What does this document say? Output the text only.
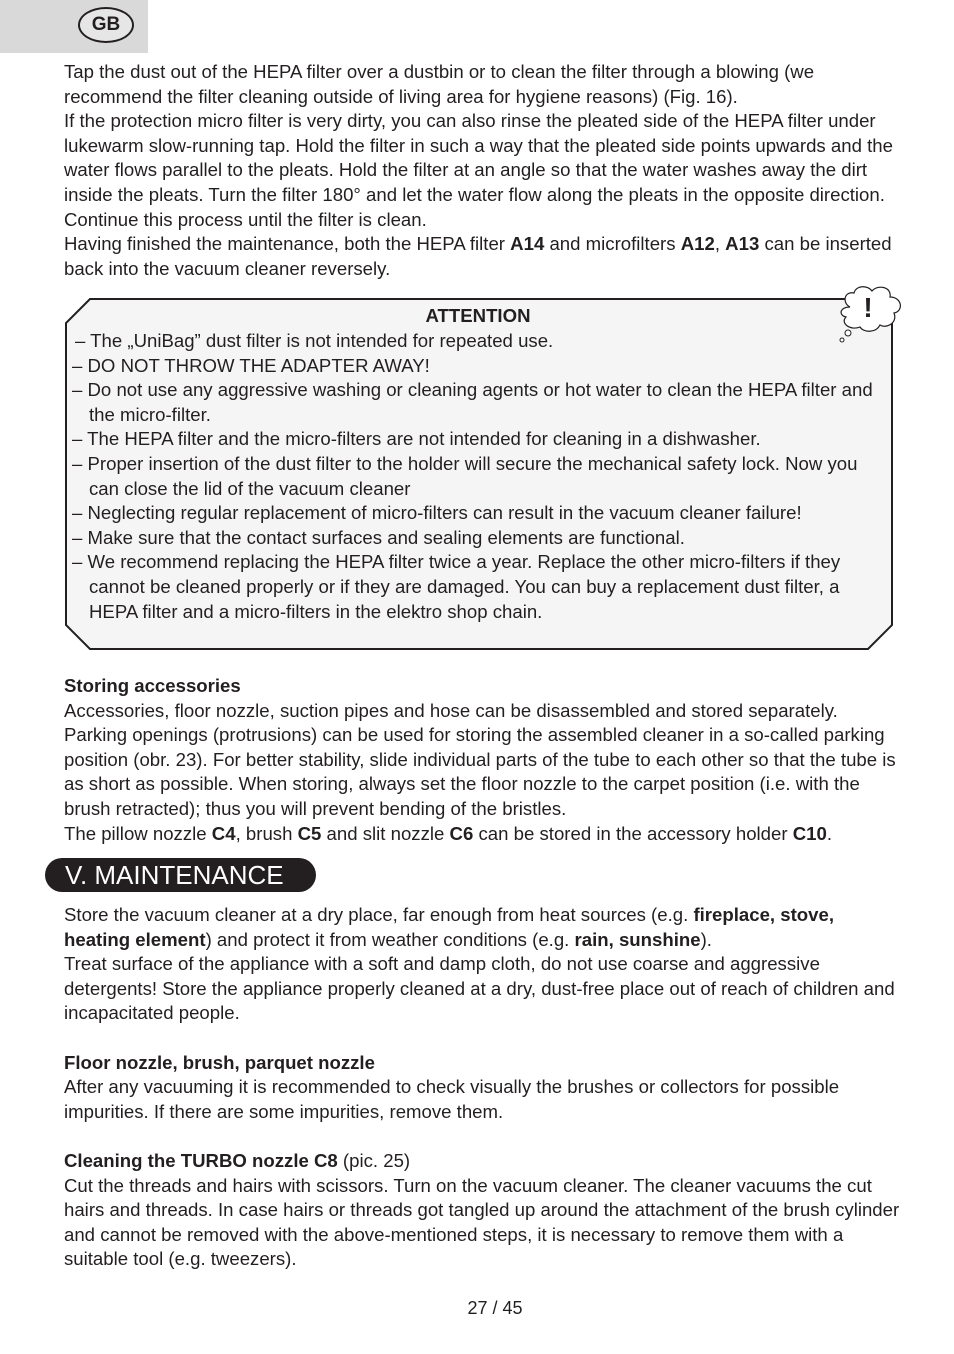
GB

Tap the dust out of the HEPA filter over a dustbin or to clean the filter through a blowing (we recommend the filter cleaning outside of living area for hygiene reasons) (Fig. 16).

If the protection micro filter is very dirty, you can also rinse the pleated side of the HEPA filter under lukewarm slow-running tap. Hold the filter in such a way that the pleated side points upwards and the water flows parallel to the pleats. Hold the filter at an angle so that the water washes away the dirt inside the pleats. Turn the filter 180° and let the water flow along the pleats in the opposite direction. Continue this process until the filter is clean.

Having finished the maintenance, both the HEPA filter A14 and microfilters A12, A13 can be inserted back into the vacuum cleaner reversely.

!
ATTENTION
– The „UniBag” dust filter is not intended for repeated use.
– DO NOT THROW THE ADAPTER AWAY!
– Do not use any aggressive washing or cleaning agents or hot water to clean the HEPA filter and the micro-filter.
– The HEPA filter and the micro-filters are not intended for cleaning in a dishwasher.
– Proper insertion of the dust filter to the holder will secure the mechanical safety lock. Now you can close the lid of the vacuum cleaner
– Neglecting regular replacement of micro-filters can result in the vacuum cleaner failure!
– Make sure that the contact surfaces and sealing elements are functional.
– We recommend replacing the HEPA filter twice a year. Replace the other micro-filters if they cannot be cleaned properly or if they are damaged. You can buy a replacement dust filter, a HEPA filter and a micro-filters in the elektro shop chain.

Storing accessories

Accessories, floor nozzle, suction pipes and hose can be disassembled and stored separately. Parking openings (protrusions) can be used for storing the assembled cleaner in a so-called parking position (obr. 23). For better stability, slide individual parts of the tube to each other so that the tube is as short as possible. When storing, always set the floor nozzle to the carpet position (i.e. with the brush retracted); thus you will prevent bending of the bristles.

The pillow nozzle C4, brush C5 and slit nozzle C6 can be stored in the accessory holder C10.

V. MAINTENANCE

Store the vacuum cleaner at a dry place, far enough from heat sources (e.g. fireplace, stove, heating element) and protect it from weather conditions (e.g. rain, sunshine).

Treat surface of the appliance with a soft and damp cloth, do not use coarse and aggressive detergents! Store the appliance properly cleaned at a dry, dust-free place out of reach of children and incapacitated people.

Floor nozzle, brush, parquet nozzle

After any vacuuming it is recommended to check visually the brushes or collectors for possible impurities. If there are some impurities, remove them.

Cleaning the TURBO nozzle C8 (pic. 25)

Cut the threads and hairs with scissors. Turn on the vacuum cleaner. The cleaner vacuums the cut hairs and threads. In case hairs or threads got tangled up around the attachment of the brush cylinder and cannot be removed with the above-mentioned steps, it is necessary to remove them with a suitable tool (e.g. tweezers).

27 / 45
